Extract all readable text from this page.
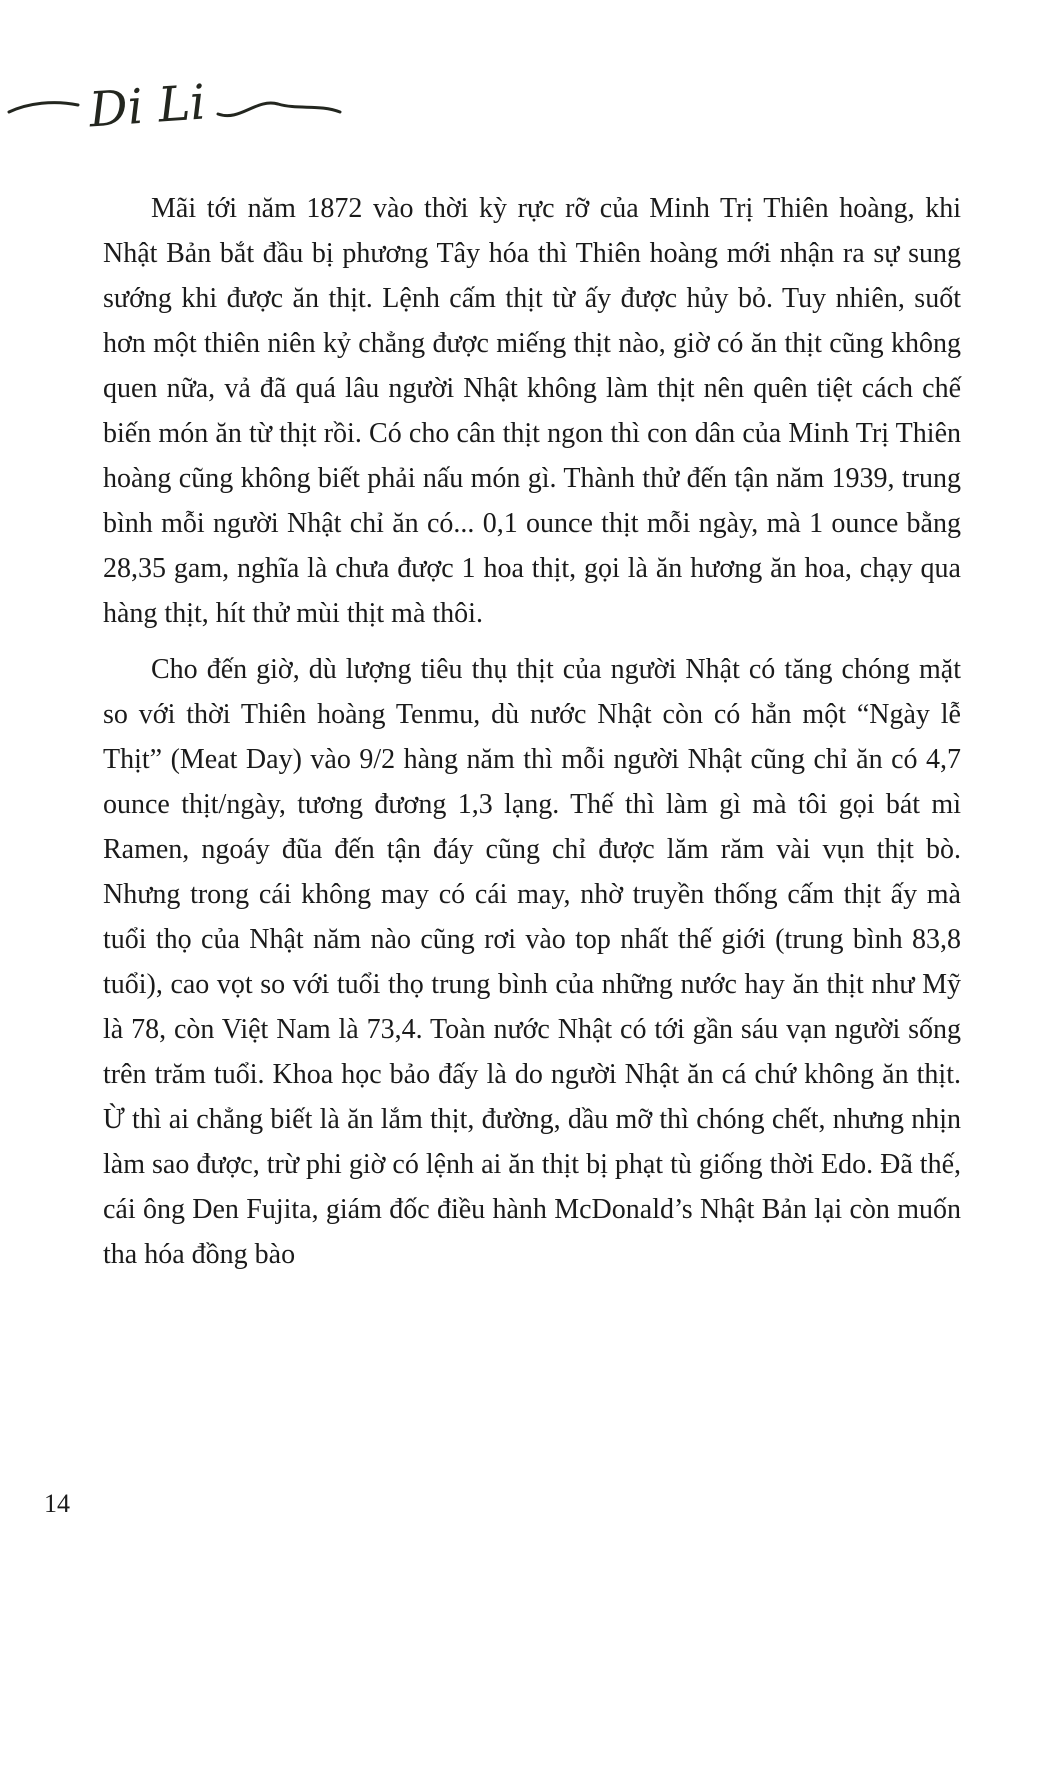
Di Li

Mãi tới năm 1872 vào thời kỳ rực rỡ của Minh Trị Thiên hoàng, khi Nhật Bản bắt đầu bị phương Tây hóa thì Thiên hoàng mới nhận ra sự sung sướng khi được ăn thịt. Lệnh cấm thịt từ ấy được hủy bỏ. Tuy nhiên, suốt hơn một thiên niên kỷ chẳng được miếng thịt nào, giờ có ăn thịt cũng không quen nữa, vả đã quá lâu người Nhật không làm thịt nên quên tiệt cách chế biến món ăn từ thịt rồi. Có cho cân thịt ngon thì con dân của Minh Trị Thiên hoàng cũng không biết phải nấu món gì. Thành thử đến tận năm 1939, trung bình mỗi người Nhật chỉ ăn có... 0,1 ounce thịt mỗi ngày, mà 1 ounce bằng 28,35 gam, nghĩa là chưa được 1 hoa thịt, gọi là ăn hương ăn hoa, chạy qua hàng thịt, hít thử mùi thịt mà thôi.

Cho đến giờ, dù lượng tiêu thụ thịt của người Nhật có tăng chóng mặt so với thời Thiên hoàng Tenmu, dù nước Nhật còn có hẳn một “Ngày lễ Thịt” (Meat Day) vào 9/2 hàng năm thì mỗi người Nhật cũng chỉ ăn có 4,7 ounce thịt/ngày, tương đương 1,3 lạng. Thế thì làm gì mà tôi gọi bát mì Ramen, ngoáy đũa đến tận đáy cũng chỉ được lăm răm vài vụn thịt bò. Nhưng trong cái không may có cái may, nhờ truyền thống cấm thịt ấy mà tuổi thọ của Nhật năm nào cũng rơi vào top nhất thế giới (trung bình 83,8 tuổi), cao vọt so với tuổi thọ trung bình của những nước hay ăn thịt như Mỹ là 78, còn Việt Nam là 73,4. Toàn nước Nhật có tới gần sáu vạn người sống trên trăm tuổi. Khoa học bảo đấy là do người Nhật ăn cá chứ không ăn thịt. Ừ thì ai chẳng biết là ăn lắm thịt, đường, dầu mỡ thì chóng chết, nhưng nhịn làm sao được, trừ phi giờ có lệnh ai ăn thịt bị phạt tù giống thời Edo. Đã thế, cái ông Den Fujita, giám đốc điều hành McDonald’s Nhật Bản lại còn muốn tha hóa đồng bào

14
